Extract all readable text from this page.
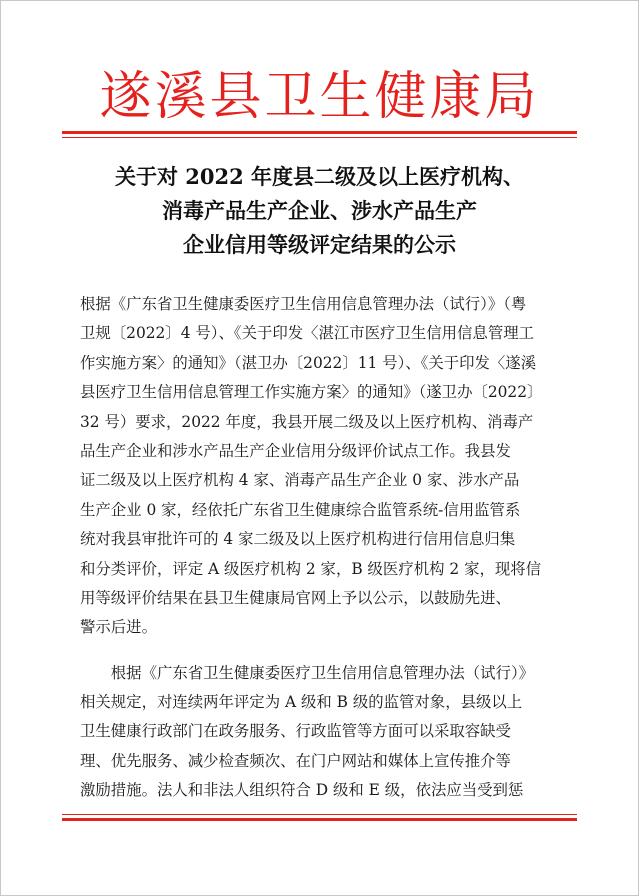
遂溪县卫生健康局
关于对 2022 年度县二级及以上医疗机构、
消毒产品生产企业、涉水产品生产
企业信用等级评定结果的公示
根据《广东省卫生健康委医疗卫生信用信息管理办法（试行）》（粤
卫规〔2022〕4 号）、《关于印发〈湛江市医疗卫生信用信息管理工
作实施方案〉的通知》（湛卫办〔2022〕11 号）、《关于印发〈遂溪
县医疗卫生信用信息管理工作实施方案〉的通知》（遂卫办〔2022〕
32 号）要求，2022 年度，我县开展二级及以上医疗机构、消毒产
品生产企业和涉水产品生产企业信用分级评价试点工作。我县发
证二级及以上医疗机构 4 家、消毒产品生产企业 0 家、涉水产品
生产企业 0 家，经依托广东省卫生健康综合监管系统-信用监管系
统对我县审批许可的 4 家二级及以上医疗机构进行信用信息归集
和分类评价，评定 A 级医疗机构 2 家，B 级医疗机构 2 家，现将信
用等级评价结果在县卫生健康局官网上予以公示，以鼓励先进、
警示后进。
　　根据《广东省卫生健康委医疗卫生信用信息管理办法（试行）》
相关规定，对连续两年评定为 A 级和 B 级的监管对象，县级以上
卫生健康行政部门在政务服务、行政监管等方面可以采取容缺受
理、优先服务、减少检查频次、在门户网站和媒体上宣传推介等
激励措施。法人和非法人组织符合 D 级和 E 级，依法应当受到惩
